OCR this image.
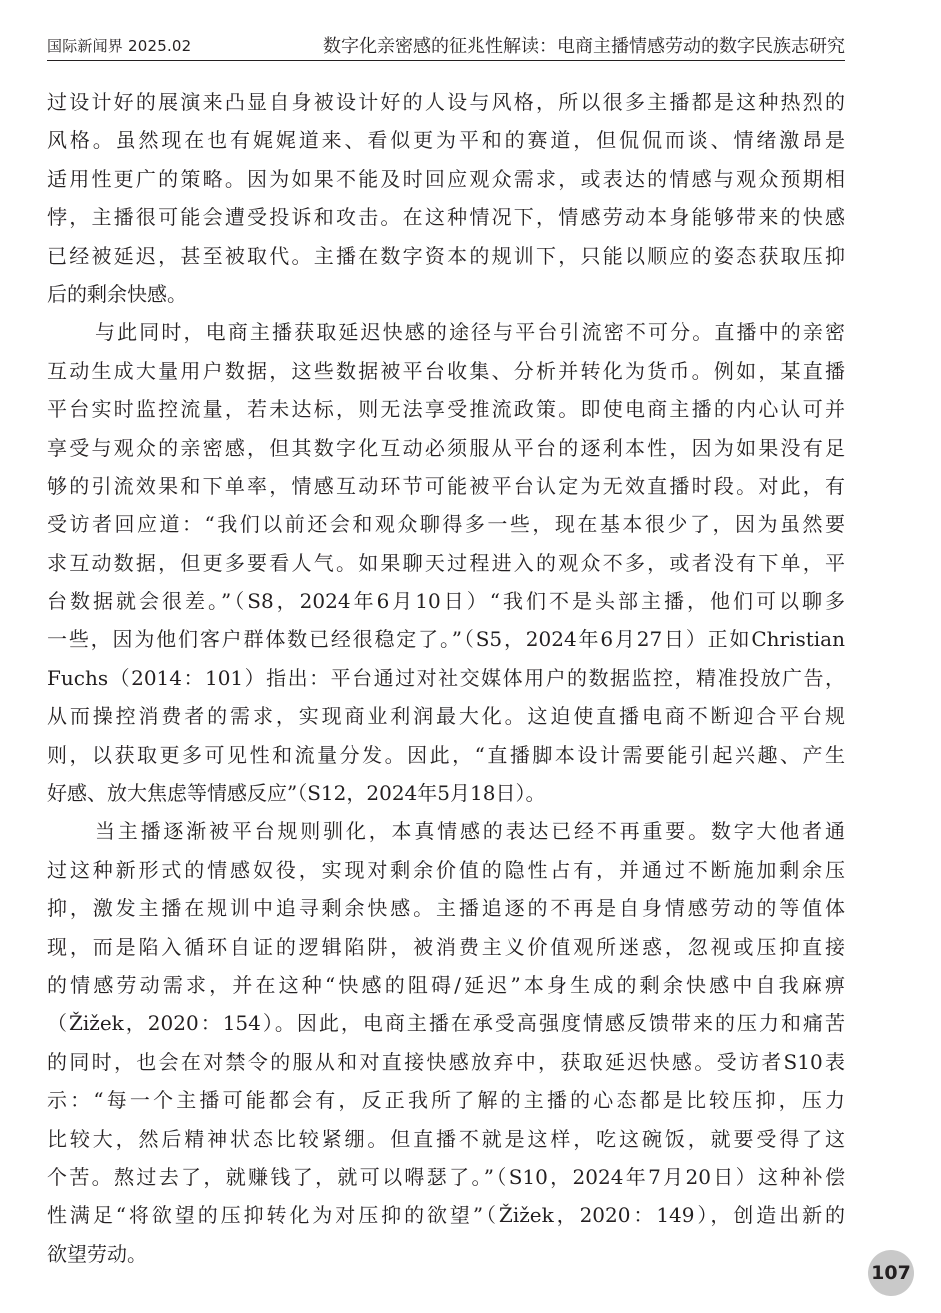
国际新闻界 2025.02	数字化亲密感的征兆性解读：电商主播情感劳动的数字民族志研究
过设计好的展演来凸显自身被设计好的人设与风格，所以很多主播都是这种热烈的
风格。虽然现在也有娓娓道来、看似更为平和的赛道，但侃侃而谈、情绪激昂是
适用性更广的策略。因为如果不能及时回应观众需求，或表达的情感与观众预期相
悖，主播很可能会遭受投诉和攻击。在这种情况下，情感劳动本身能够带来的快感
已经被延迟，甚至被取代。主播在数字资本的规训下，只能以顺应的姿态获取压抑
后的剩余快感。
与此同时，电商主播获取延迟快感的途径与平台引流密不可分。直播中的亲密
互动生成大量用户数据，这些数据被平台收集、分析并转化为货币。例如，某直播
平台实时监控流量，若未达标，则无法享受推流政策。即使电商主播的内心认可并
享受与观众的亲密感，但其数字化互动必须服从平台的逐利本性，因为如果没有足
够的引流效果和下单率，情感互动环节可能被平台认定为无效直播时段。对此，有
受访者回应道：“我们以前还会和观众聊得多一些，现在基本很少了，因为虽然要
求互动数据，但更多要看人气。如果聊天过程进入的观众不多，或者没有下单，平
台数据就会很差。”（S8，2024年6月10日）“我们不是头部主播，他们可以聊多
一些，因为他们客户群体数已经很稳定了。”（S5，2024年6月27日）正如Christian
Fuchs（2014：101）指出：平台通过对社交媒体用户的数据监控，精准投放广告，
从而操控消费者的需求，实现商业利润最大化。这迫使直播电商不断迎合平台规
则，以获取更多可见性和流量分发。因此，“直播脚本设计需要能引起兴趣、产生
好感、放大焦虑等情感反应”（S12，2024年5月18日）。
当主播逐渐被平台规则驯化，本真情感的表达已经不再重要。数字大他者通
过这种新形式的情感奴役，实现对剩余价值的隐性占有，并通过不断施加剩余压
抑，激发主播在规训中追寻剩余快感。主播追逐的不再是自身情感劳动的等值体
现，而是陷入循环自证的逻辑陷阱，被消费主义价值观所迷惑，忽视或压抑直接
的情感劳动需求，并在这种“快感的阻碍/延迟”本身生成的剩余快感中自我麻痹
（Žižek，2020：154）。因此，电商主播在承受高强度情感反馈带来的压力和痛苦
的同时，也会在对禁令的服从和对直接快感放弃中，获取延迟快感。受访者S10表
示：“每一个主播可能都会有，反正我所了解的主播的心态都是比较压抑，压力
比较大，然后精神状态比较紧绷。但直播不就是这样，吃这碗饭，就要受得了这
个苦。熬过去了，就赚钱了，就可以嘚瑟了。”（S10，2024年7月20日）这种补偿
性满足“将欲望的压抑转化为对压抑的欲望”（Žižek，2020：149），创造出新的
欲望劳动。
107
